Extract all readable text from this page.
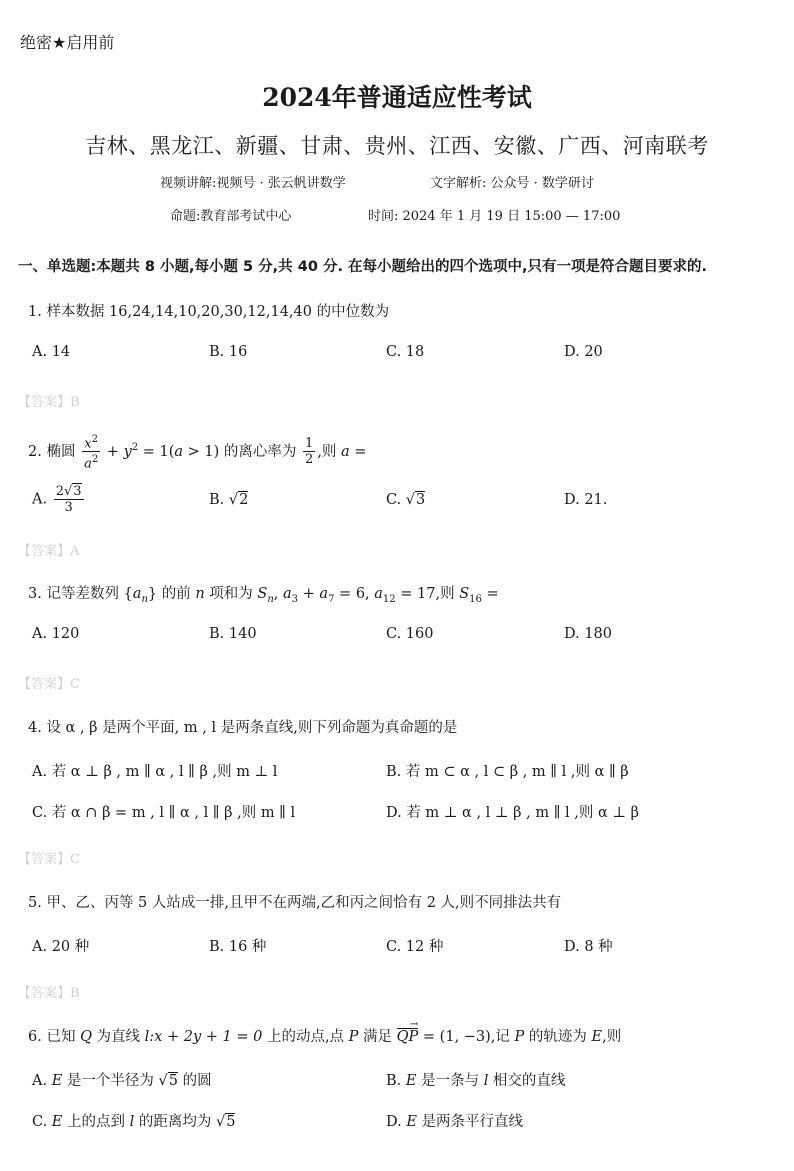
绝密★启用前
2024年普通适应性考试
吉林、黑龙江、新疆、甘肃、贵州、江西、安徽、广西、河南联考
视频讲解:视频号 · 张云帆讲数学	文字解析: 公众号 · 数学研讨
命题:教育部考试中心	时间: 2024 年 1 月 19 日 15:00 — 17:00
一、单选题:本题共 8 小题,每小题 5 分,共 40 分. 在每小题给出的四个选项中,只有一项是符合题目要求的.
1. 样本数据 16,24,14,10,20,30,12,14,40 的中位数为
A. 14	B. 16	C. 18	D. 20
【答案】B
2. 椭圆 $\frac{x^2}{a^2} + y^2 = 1(a > 1)$ 的离心率为 $\frac{1}{2}$ ,则 a =
A. $\frac{2√3}{3}$	B. √2	C. √3	D. 21.
【答案】A
3. 记等差数列 $\{a_n\}$ 的前 n 项和为 $S_n$, $a_3 + a_7 = 6$, $a_{12} = 17$,则 $S_{16}$ =
A. 120	B. 140	C. 160	D. 180
【答案】C
4. 设 α , β 是两个平面, m , l 是两条直线,则下列命题为真命题的是
A. 若 α ⊥ β , m ∥ α , l ∥ β ,则 m ⊥ l	B. 若 m ⊂ α , l ⊂ β , m ∥ l ,则 α ∥ β
C. 若 α ∩ β = m , l ∥ α , l ∥ β ,则 m ∥ l	D. 若 m ⊥ α , l ⊥ β , m ∥ l ,则 α ⊥ β
【答案】C
5. 甲、乙、丙等 5 人站成一排,且甲不在两端,乙和丙之间恰有 2 人,则不同排法共有
A. 20 种	B. 16 种	C. 12 种	D. 8 种
【答案】B
6. 已知 Q 为直线 l:x + 2y + 1 = 0 上的动点,点 P 满足
→
QP = (1, −3),记 P 的轨迹为 E,则
A. E 是一个半径为 √5 的圆	B. E 是一条与 l 相交的直线
C. E 上的点到 l 的距离均为 √5	D. E 是两条平行直线
